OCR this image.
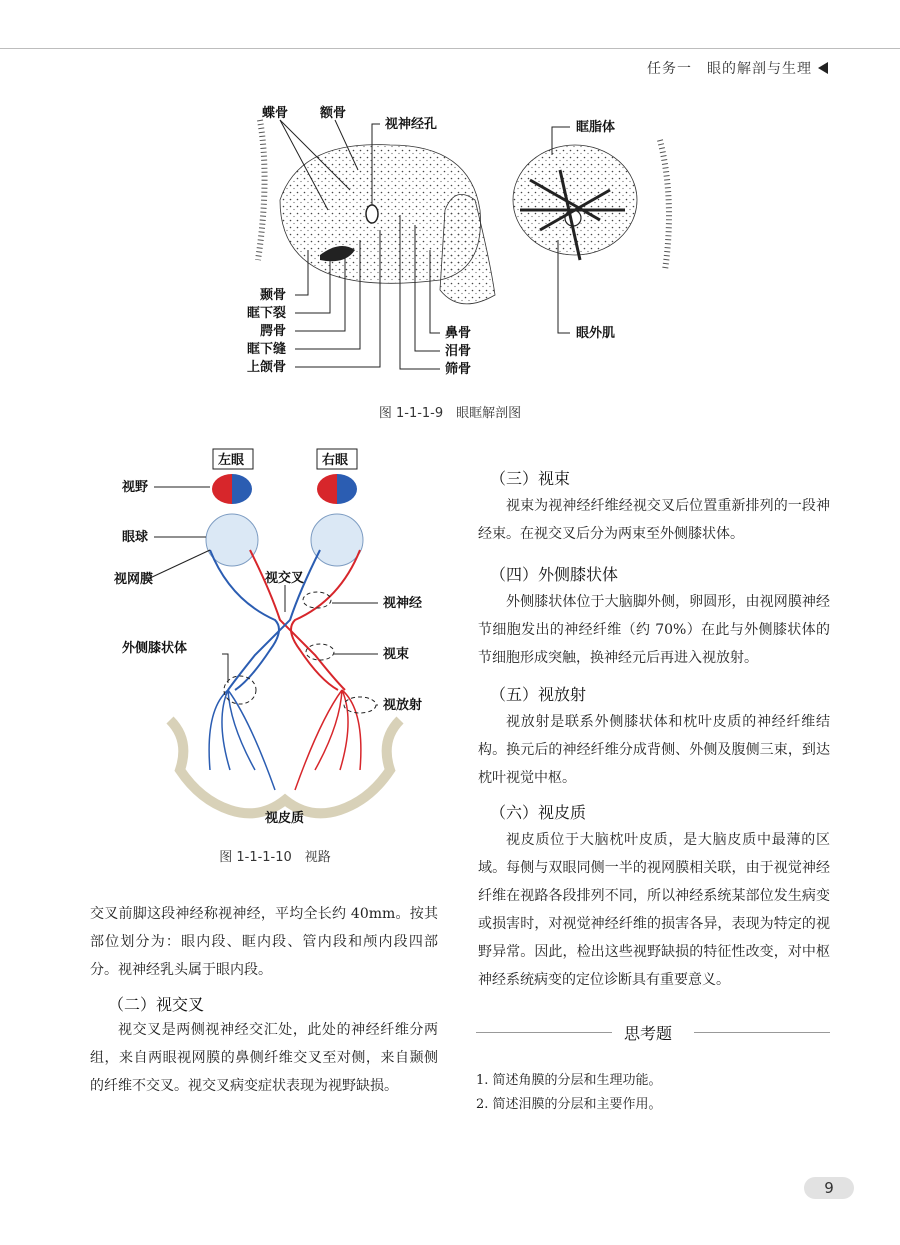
任务一　眼的解剖与生理
蝶骨 额骨
视神经孔	眶脂体
颞骨
眶下裂
腭骨
眶下缝
上颌骨
鼻骨
泪骨
筛骨
眼外肌
图 1-1-1-9　眼眶解剖图
左眼	右眼
视野
眼球
视网膜	视交叉
视神经
外侧膝状体	视束
视放射
视皮质
图 1-1-1-10　视路

交叉前脚这段神经称视神经，平均全长约 40mm。按其部位划分为：眼内段、眶内段、管内段和颅内段四部分。视神经乳头属于眼内段。

（二）视交叉

视交叉是两侧视神经交汇处，此处的神经纤维分两组，来自两眼视网膜的鼻侧纤维交叉至对侧，来自颞侧的纤维不交叉。视交叉病变症状表现为视野缺损。

（三）视束

视束为视神经纤维经视交叉后位置重新排列的一段神经束。在视交叉后分为两束至外侧膝状体。

（四）外侧膝状体

外侧膝状体位于大脑脚外侧，卵圆形，由视网膜神经节细胞发出的神经纤维（约 70%）在此与外侧膝状体的节细胞形成突触，换神经元后再进入视放射。

（五）视放射

视放射是联系外侧膝状体和枕叶皮质的神经纤维结构。换元后的神经纤维分成背侧、外侧及腹侧三束，到达枕叶视觉中枢。

（六）视皮质

视皮质位于大脑枕叶皮质，是大脑皮质中最薄的区域。每侧与双眼同侧一半的视网膜相关联，由于视觉神经纤维在视路各段排列不同，所以神经系统某部位发生病变或损害时，对视觉神经纤维的损害各异，表现为特定的视野异常。因此，检出这些视野缺损的特征性改变，对中枢神经系统病变的定位诊断具有重要意义。

思考题
1. 简述角膜的分层和生理功能。
2. 简述泪膜的分层和主要作用。
9
